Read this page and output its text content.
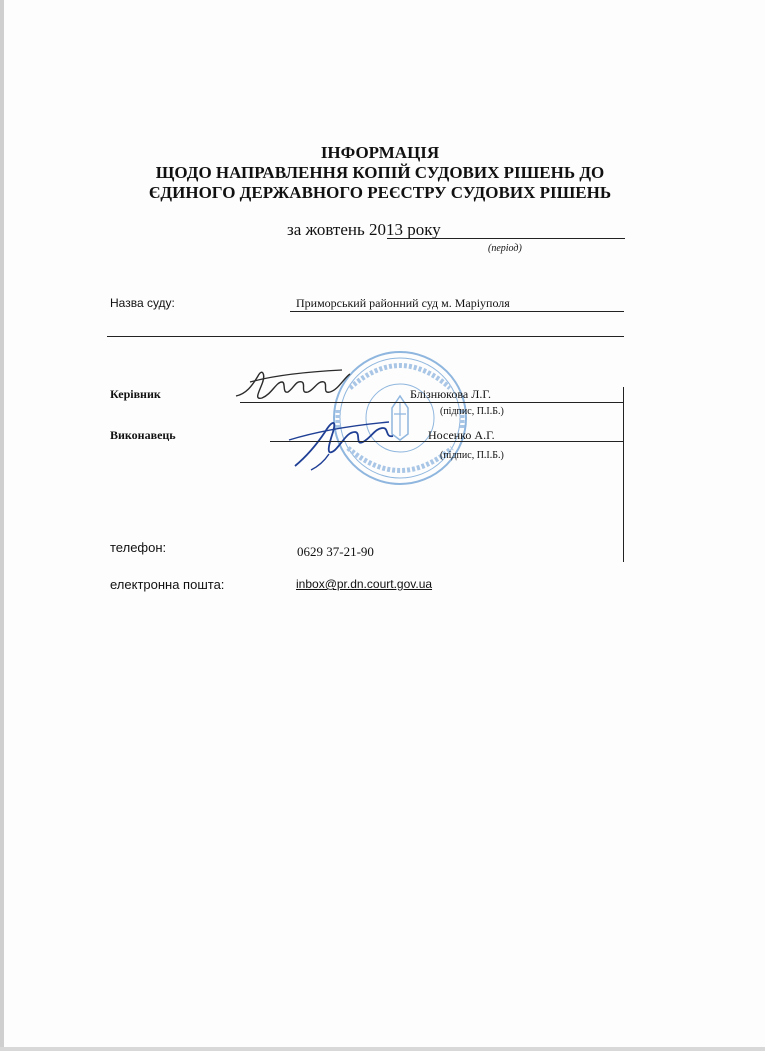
ІНФОРМАЦІЯ
ЩОДО НАПРАВЛЕННЯ КОПІЙ СУДОВИХ РІШЕНЬ ДО
ЄДИНОГО ДЕРЖАВНОГО РЕЄСТРУ СУДОВИХ РІШЕНЬ
за жовтень 2013 року
(період)
Назва суду:	Приморський районний суд м. Маріуполя
Керівник	Блізнюкова Л.Г.
(підпис, П.І.Б.)
Виконавець	Носенко А.Г.
(підпис, П.І.Б.)
телефон:	0629 37-21-90
електронна пошта:	inbox@pr.dn.court.gov.ua
